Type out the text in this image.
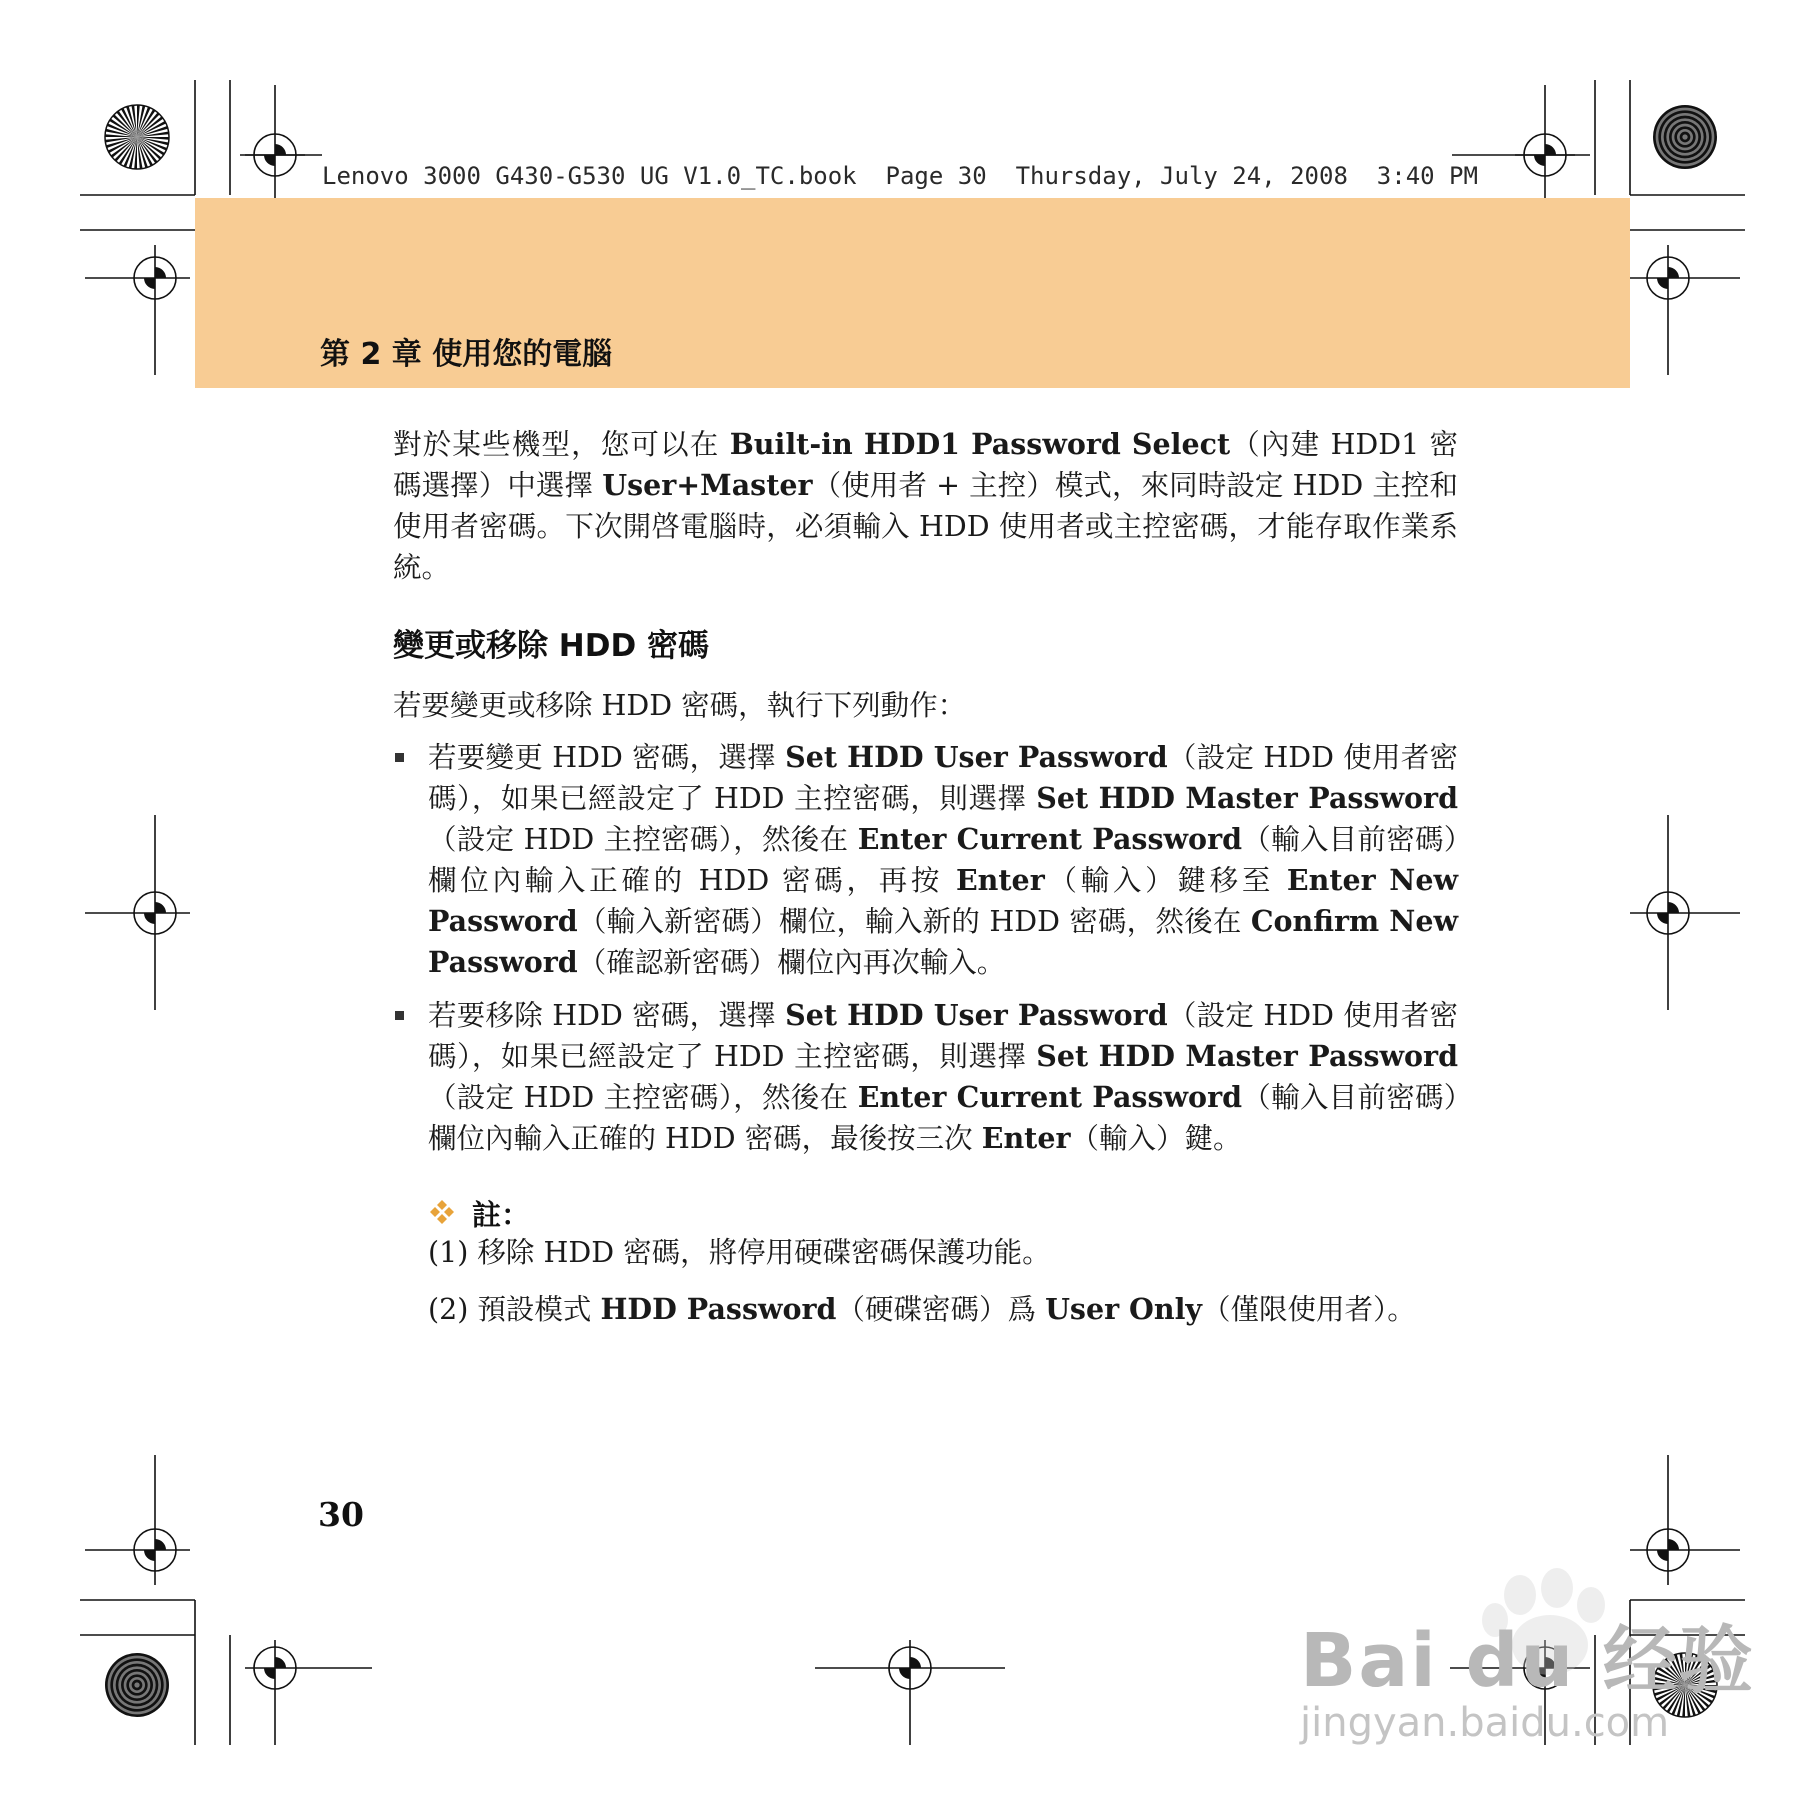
Lenovo 3000 G430-G530 UG V1.0_TC.book  Page 30  Thursday, July 24, 2008  3:40 PM
第 2 章 使用您的電腦
對於某些機型，您可以在 Built-in HDD1 Password Select（內建 HDD1 密碼選擇）中選擇 User+Master（使用者 + 主控）模式，來同時設定 HDD 主控和使用者密碼。下次開啓電腦時，必須輸入 HDD 使用者或主控密碼，才能存取作業系統。
變更或移除 HDD 密碼
若要變更或移除 HDD 密碼，執行下列動作：
若要變更 HDD 密碼，選擇 Set HDD User Password（設定 HDD 使用者密碼），如果已經設定了 HDD 主控密碼，則選擇 Set HDD Master Password（設定 HDD 主控密碼），然後在 Enter Current Password（輸入目前密碼）欄位內輸入正確的 HDD 密碼，再按 Enter（輸入）鍵移至 Enter New Password（輸入新密碼）欄位，輸入新的 HDD 密碼，然後在 Confirm New Password（確認新密碼）欄位內再次輸入。
若要移除 HDD 密碼，選擇 Set HDD User Password（設定 HDD 使用者密碼），如果已經設定了 HDD 主控密碼，則選擇 Set HDD Master Password（設定 HDD 主控密碼），然後在 Enter Current Password（輸入目前密碼）欄位內輸入正確的 HDD 密碼，最後按三次 Enter（輸入）鍵。
註：
(1) 移除 HDD 密碼，將停用硬碟密碼保護功能。
(2) 預設模式 HDD Password（硬碟密碼）爲 User Only（僅限使用者）。
30
Bai du 经验
jingyan.baidu.com
